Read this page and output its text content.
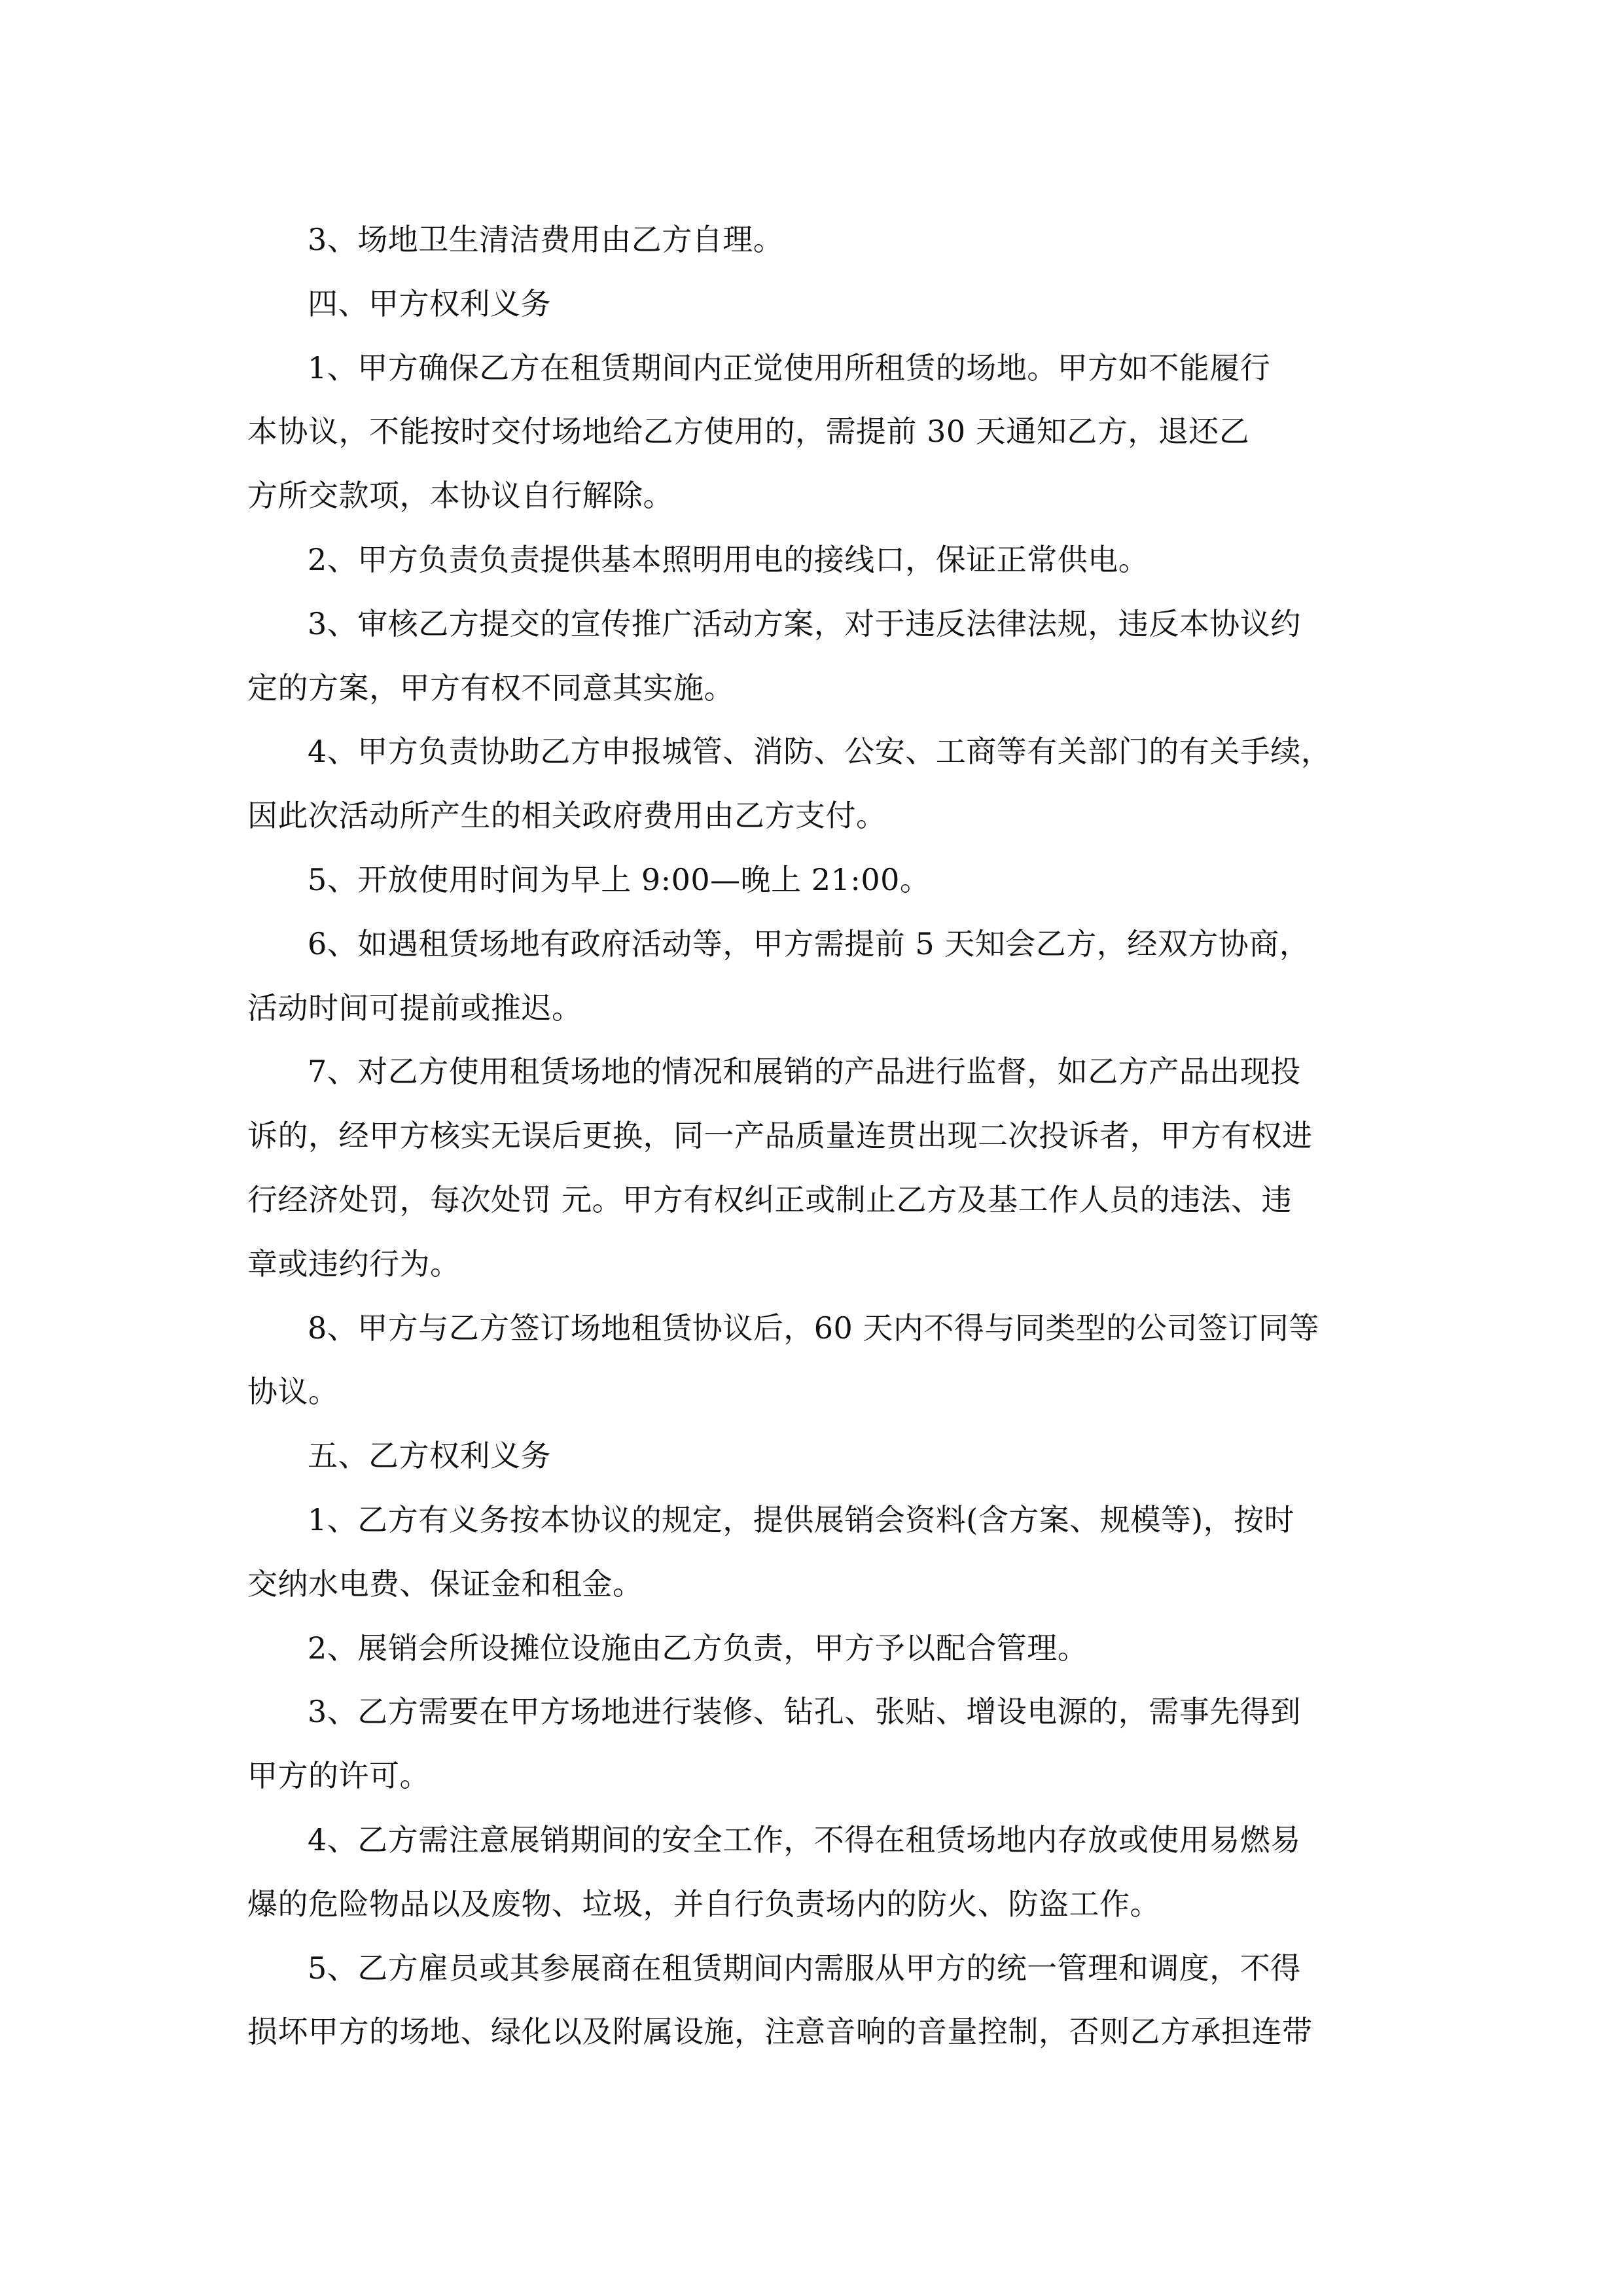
3、场地卫生清洁费用由乙方自理。
四、甲方权利义务
1、甲方确保乙方在租赁期间内正觉使用所租赁的场地。甲方如不能履行
本协议，不能按时交付场地给乙方使用的，需提前 30 天通知乙方，退还乙
方所交款项，本协议自行解除。
2、甲方负责负责提供基本照明用电的接线口，保证正常供电。
3、审核乙方提交的宣传推广活动方案，对于违反法律法规，违反本协议约
定的方案，甲方有权不同意其实施。
4、甲方负责协助乙方申报城管、消防、公安、工商等有关部门的有关手续，
因此次活动所产生的相关政府费用由乙方支付。
5、开放使用时间为早上 9:00—晚上 21:00。
6、如遇租赁场地有政府活动等，甲方需提前 5 天知会乙方，经双方协商，
活动时间可提前或推迟。
7、对乙方使用租赁场地的情况和展销的产品进行监督，如乙方产品出现投
诉的，经甲方核实无误后更换，同一产品质量连贯出现二次投诉者，甲方有权进
行经济处罚，每次处罚 元。甲方有权纠正或制止乙方及基工作人员的违法、违
章或违约行为。
8、甲方与乙方签订场地租赁协议后，60 天内不得与同类型的公司签订同等
协议。
五、乙方权利义务
1、乙方有义务按本协议的规定，提供展销会资料(含方案、规模等)，按时
交纳水电费、保证金和租金。
2、展销会所设摊位设施由乙方负责，甲方予以配合管理。
3、乙方需要在甲方场地进行装修、钻孔、张贴、增设电源的，需事先得到
甲方的许可。
4、乙方需注意展销期间的安全工作，不得在租赁场地内存放或使用易燃易
爆的危险物品以及废物、垃圾，并自行负责场内的防火、防盗工作。
5、乙方雇员或其参展商在租赁期间内需服从甲方的统一管理和调度，不得
损坏甲方的场地、绿化以及附属设施，注意音响的音量控制，否则乙方承担连带
